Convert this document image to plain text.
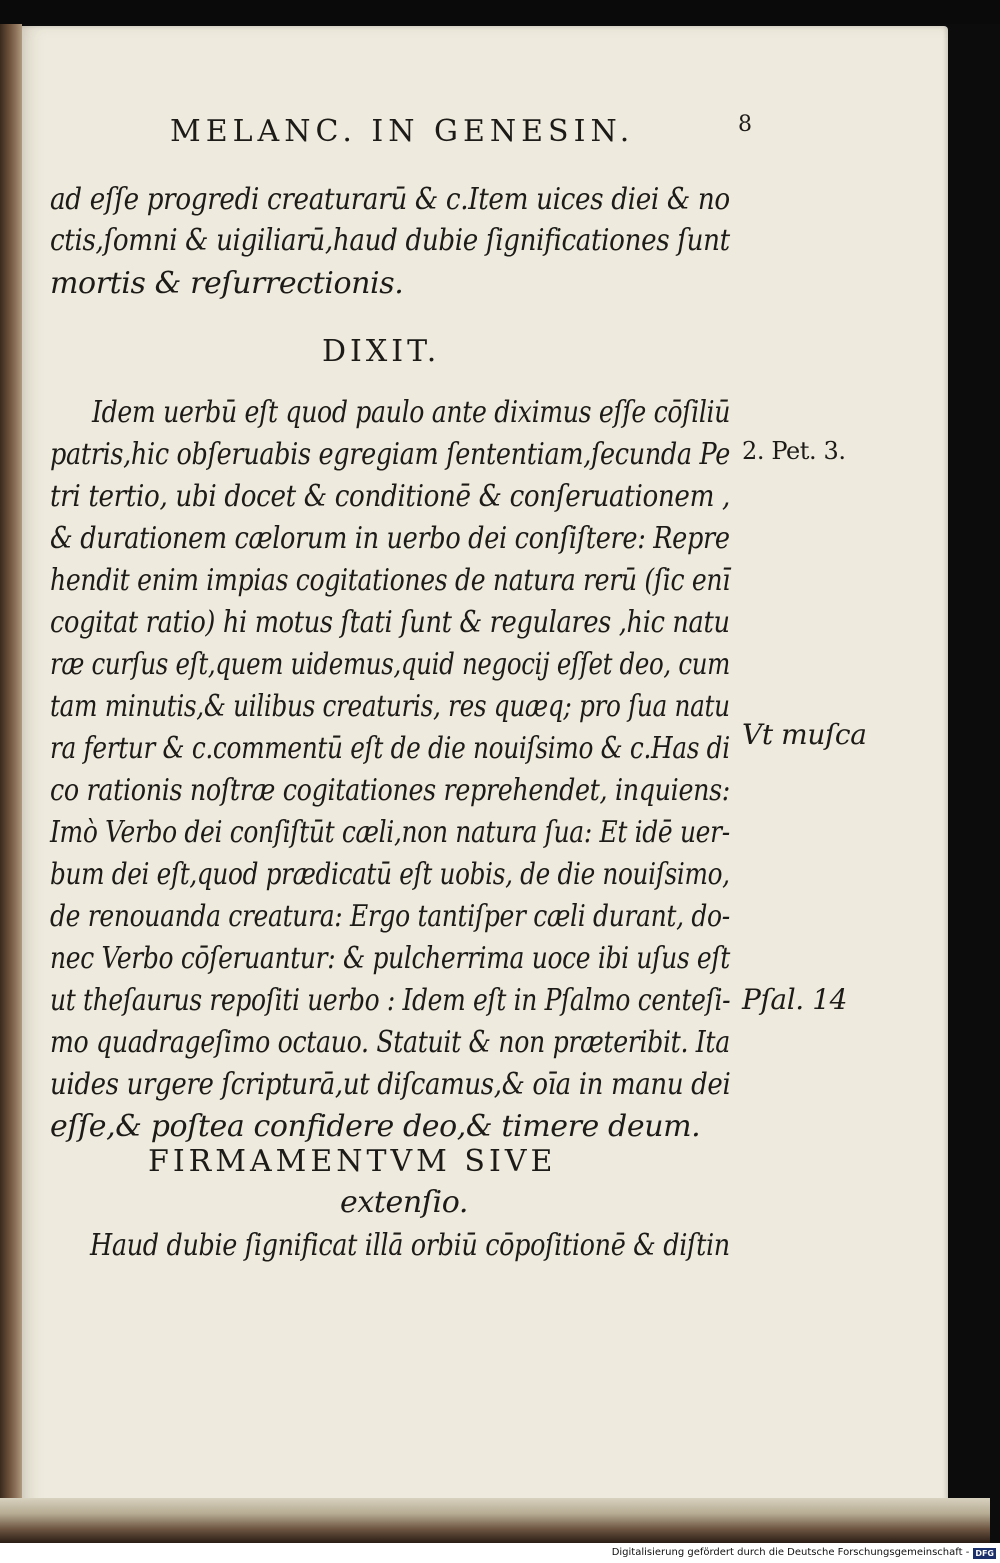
MELANC. IN GENESIN.	8
ad eſſe progredi creaturarū & c.Item uices diei & no
ctis,ſomni & uigiliarū,haud dubie ſignificationes ſunt
mortis & reſurrectionis.
DIXIT.
Idem uerbū eſt quod paulo ante diximus eſſe cōſiliū
patris,hic obſeruabis egregiam ſententiam,ſecunda Pe
tri tertio, ubi docet & conditionē & conſeruationem ,
& durationem cælorum in uerbo dei conſiſtere: Repre
hendit enim impias cogitationes de natura rerū (ſic enī
cogitat ratio) hi motus ſtati ſunt & regulares ,hic natu
ræ curſus eſt,quem uidemus,quid negocij eſſet deo, cum
tam minutis,& uilibus creaturis, res quæq; pro ſua natu
ra fertur & c.commentū eſt de die nouiſsimo & c.Has di
co rationis noſtræ cogitationes reprehendet, inquiens:
Imò Verbo dei conſiſtūt cæli,non natura ſua: Et idē uer-
bum dei eſt,quod prædicatū eſt uobis, de die nouiſsimo,
de renouanda creatura: Ergo tantiſper cæli durant, do-
nec Verbo cōſeruantur: & pulcherrima uoce ibi uſus eſt
ut theſaurus repoſiti uerbo : Idem eſt in Pſalmo centeſi-
mo quadrageſimo octauo. Statuit & non præteribit. Ita
uides urgere ſcripturā,ut diſcamus,& oīa in manu dei
eſſe,& poſtea confidere deo,& timere deum.
FIRMAMENTVM SIVE
extenſio.
Haud dubie ſignificat illā orbiū cōpoſitionē & diſtin
2. Pet. 3.
Vt muſca
Pſal. 14
Digitalisierung gefördert durch die Deutsche Forschungsgemeinschaft - DFG
